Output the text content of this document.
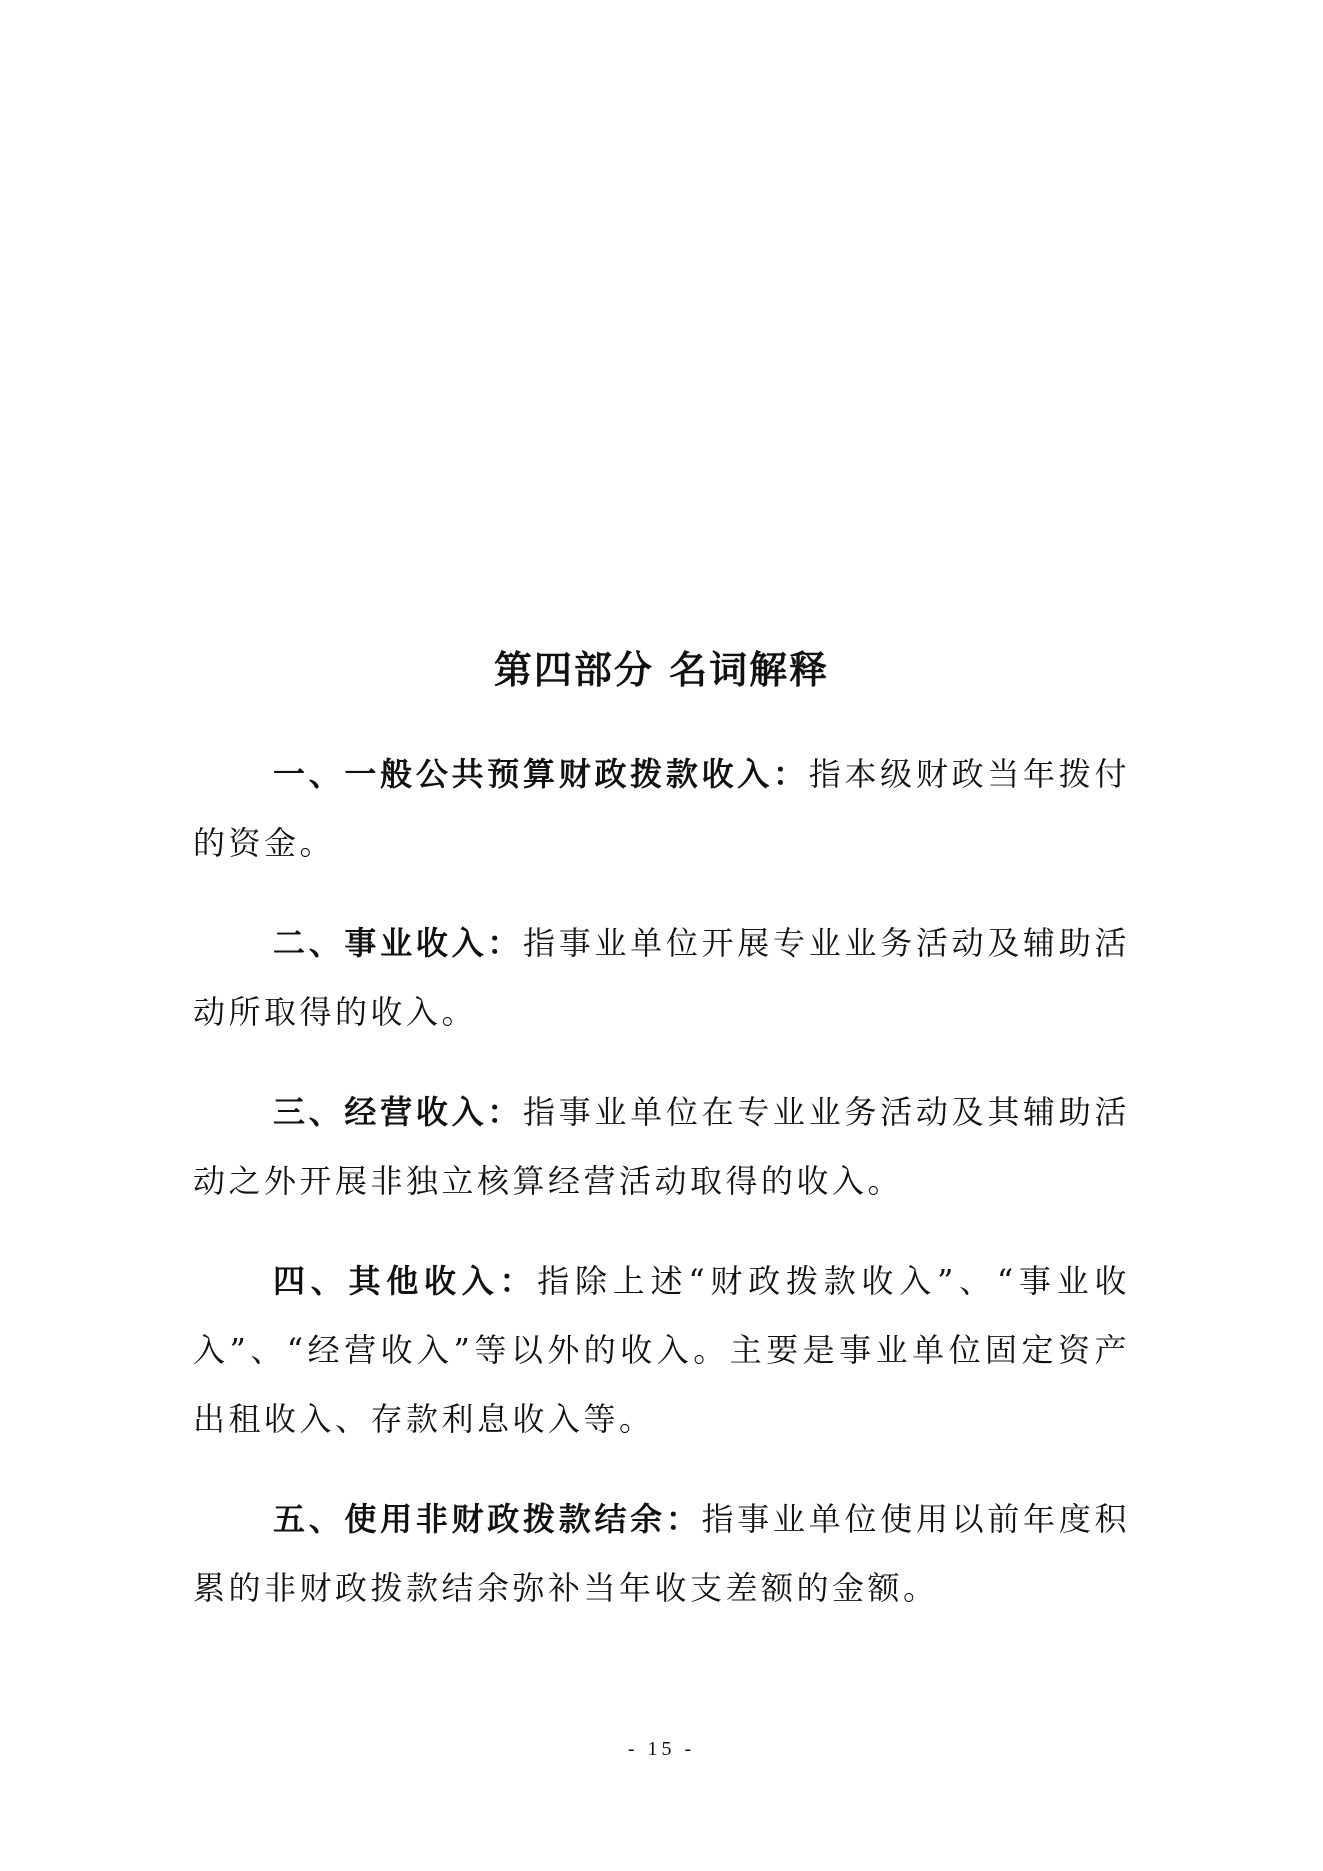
第四部分 名词解释

一、一般公共预算财政拨款收入：指本级财政当年拨付的资金。

二、事业收入：指事业单位开展专业业务活动及辅助活动所取得的收入。

三、经营收入：指事业单位在专业业务活动及其辅助活动之外开展非独立核算经营活动取得的收入。

四、其他收入：指除上述“财政拨款收入”、“事业收入”、“经营收入”等以外的收入。主要是事业单位固定资产出租收入、存款利息收入等。

五、使用非财政拨款结余：指事业单位使用以前年度积累的非财政拨款结余弥补当年收支差额的金额。

- 15 -
